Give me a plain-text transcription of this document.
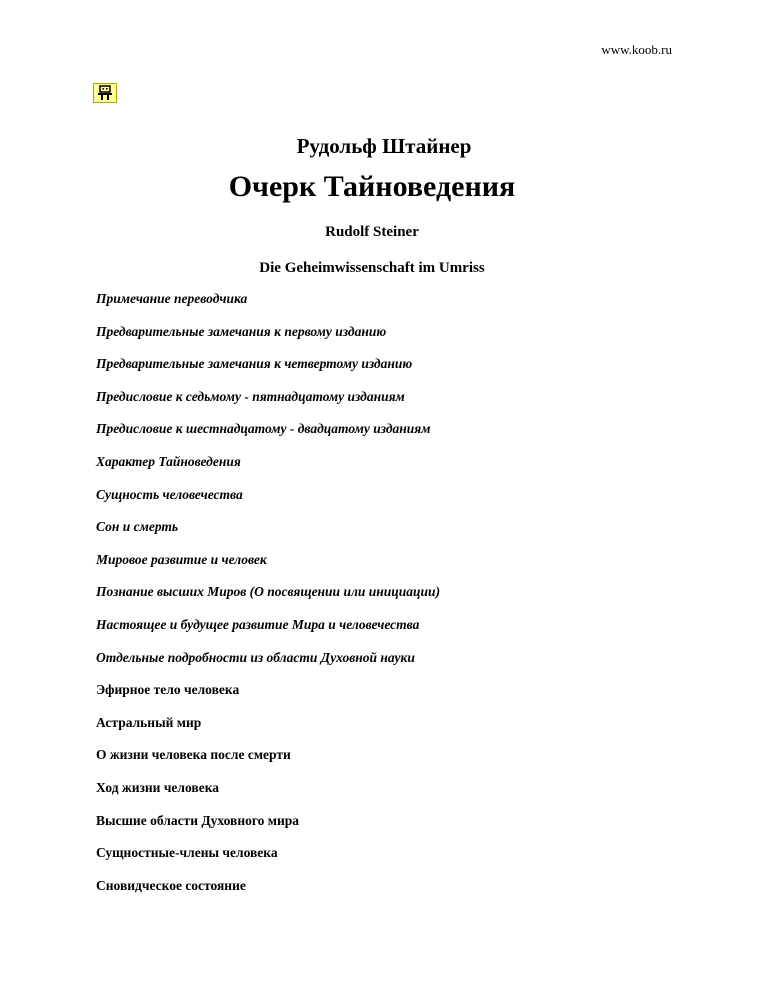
www.koob.ru
Рудольф Штайнер
Очерк Тайноведения
Rudolf Steiner
Die Geheimwissenschaft im Umriss
Примечание переводчика
Предварительные замечания к первому изданию
Предварительные замечания к четвертому изданию
Предисловие к седьмому - пятнадцатому изданиям
Предисловие к шестнадцатому - двадцатому изданиям
Характер Тайноведения
Сущность человечества
Сон и смерть
Мировое развитие и человек
Познание высших Миров (О посвящении или инициации)
Настоящее и будущее развитие Мира и человечества
Отдельные подробности из области Духовной науки
Эфирное тело человека
Астральный мир
О жизни человека после смерти
Ход жизни человека
Высшие области Духовного мира
Сущностные-члены человека
Сновидческое состояние
